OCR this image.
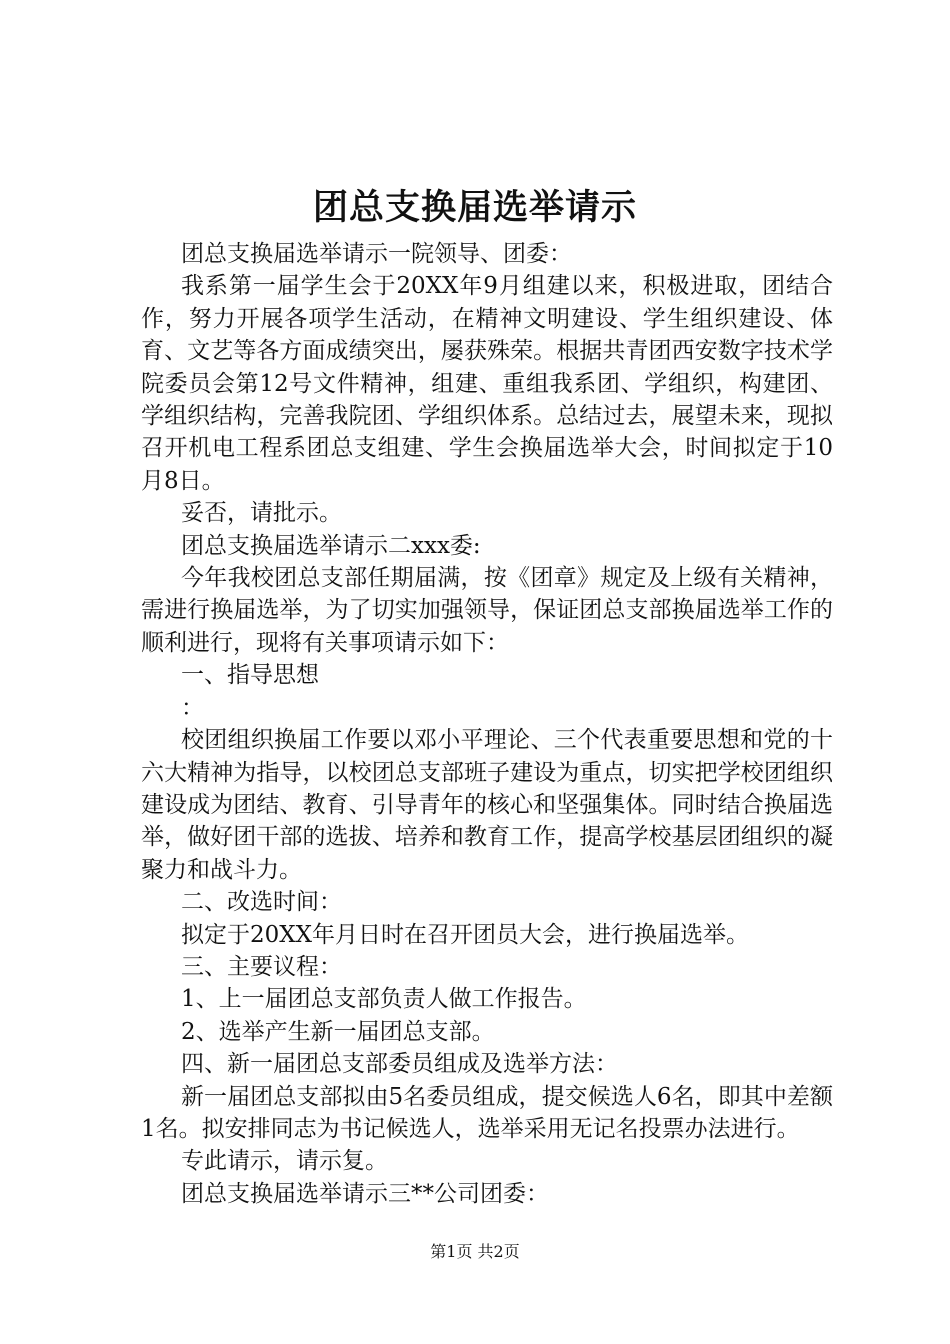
团总支换届选举请示

团总支换届选举请示一院领导、团委：

我系第一届学生会于20XX年9月组建以来，积极进取，团结合作，努力开展各项学生活动，在精神文明建设、学生组织建设、体育、文艺等各方面成绩突出，屡获殊荣。根据共青团西安数字技术学院委员会第12号文件精神，组建、重组我系团、学组织，构建团、学组织结构，完善我院团、学组织体系。总结过去，展望未来，现拟召开机电工程系团总支组建、学生会换届选举大会，时间拟定于10月8日。

妥否，请批示。

团总支换届选举请示二xxx委:

今年我校团总支部任期届满，按《团章》规定及上级有关精神，需进行换届选举，为了切实加强领导，保证团总支部换届选举工作的顺利进行，现将有关事项请示如下：

一、指导思想

：

校团组织换届工作要以邓小平理论、三个代表重要思想和党的十六大精神为指导，以校团总支部班子建设为重点，切实把学校团组织建设成为团结、教育、引导青年的核心和坚强集体。同时结合换届选举，做好团干部的选拔、培养和教育工作，提高学校基层团组织的凝聚力和战斗力。

二、改选时间：

拟定于20XX年月日时在召开团员大会，进行换届选举。

三、主要议程：

1、上一届团总支部负责人做工作报告。

2、选举产生新一届团总支部。

四、新一届团总支部委员组成及选举方法：

新一届团总支部拟由5名委员组成，提交候选人6名，即其中差额1名。拟安排同志为书记候选人，选举采用无记名投票办法进行。

专此请示，请示复。

团总支换届选举请示三**公司团委：

第1页 共2页
